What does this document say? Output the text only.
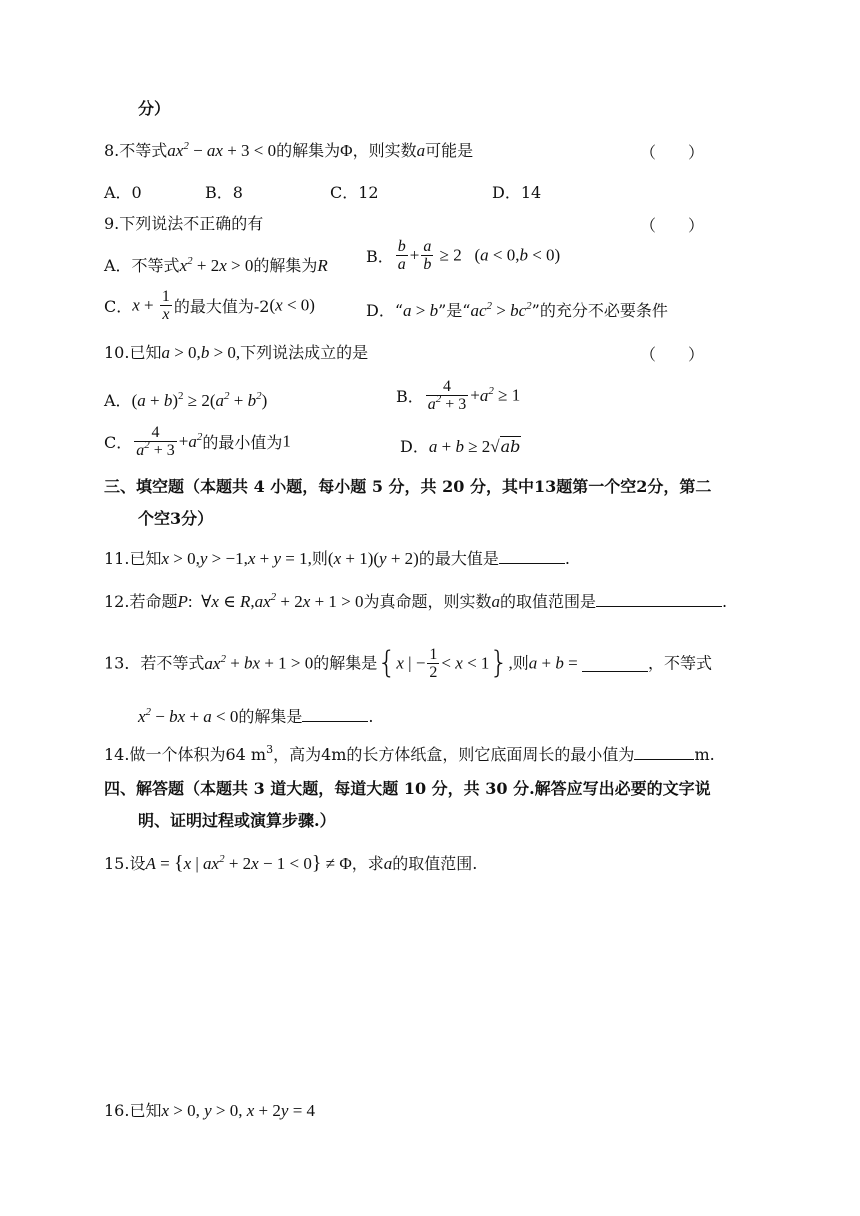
分）
8.不等式$ax^2$ − ax + 3 < 0的解集为Φ，则实数a可能是	（　　）
A．0	B．8	C．12	D．14
9.下列说法不正确的有	（　　）
A．不等式$x^2 + 2x > 0$的解集为R B． $\frac{b}{a} + \frac{a}{b} \ge 2$   (a < 0,b < 0)
C．$x + \frac{1}{x}$ 的最大值为-2(x < 0)	D．“a > b”是“$ac^2 > bc^2$”的充分不必要条件
10.已知a > 0,b > 0,下列说法成立的是	（　　）
A．$(a + b)^2 \ge 2(a^2 + b^2)$	B． $\frac{4}{a^2 + 3} +a^2 \ge 1$
C． $\frac{4}{a^2 + 3} +a^2$的最小值为1	D．a + b ≥ 2√ab
三、填空题（本题共 4 小题，每小题 5 分，共 20 分，其中13题第一个空2分，第二
个空3分）
11.已知x > 0,y > −1,x + y = 1,则(x + 1)(y + 2)的最大值是	.
12.若命题P:  ∀x ∈ $R,ax^2 + 2x + 1 > 0$为真命题，则实数a的取值范围是	.
13．若不等式$ax^2$ + bx + 1 > 0的解集是{x | − $\frac{1}{2} < x < 1$},则a + b =	，不等式
$x^2$ − bx + a < 0的解集是	.
14.做一个体积为64 $m^3$，高为4m的长方体纸盒，则它底面周长的最小值为	m.
四、解答题（本题共 3 道大题，每道大题 10 分，共 30 分.解答应写出必要的文字说
明、证明过程或演算步骤.）
15.设A = {x | $ax^2 + 2x - 1 < 0\} \ne \Phi$，求a的取值范围.
16.已知x > 0, y > 0, x + 2y = 4
